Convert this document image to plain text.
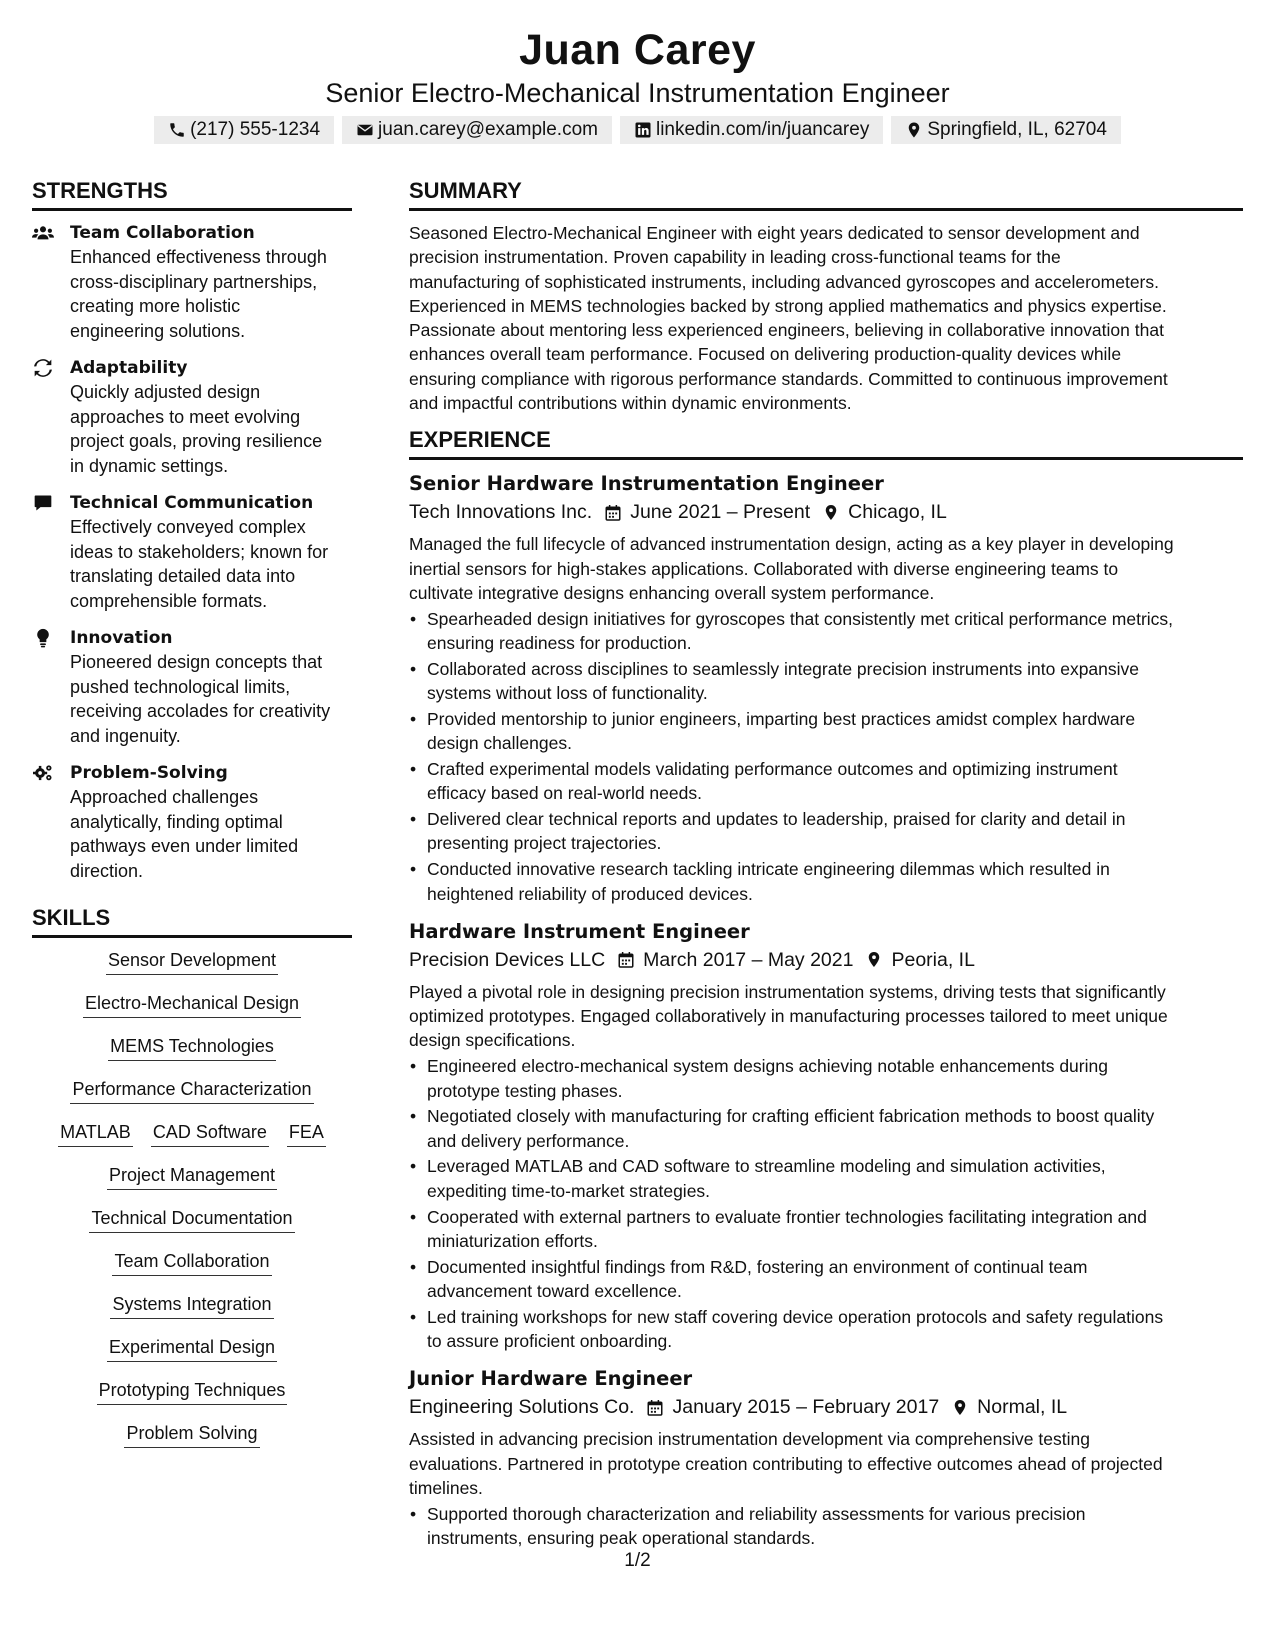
Juan Carey
Senior Electro-Mechanical Instrumentation Engineer
(217) 555-1234	juan.carey@example.com	linkedin.com/in/juancarey	Springfield, IL, 62704
STRENGTHS
Team Collaboration
Enhanced effectiveness through
cross-disciplinary partnerships,
creating more holistic
engineering solutions.
Adaptability
Quickly adjusted design
approaches to meet evolving
project goals, proving resilience
in dynamic settings.
Technical Communication
Effectively conveyed complex
ideas to stakeholders; known for
translating detailed data into
comprehensible formats.
Innovation
Pioneered design concepts that
pushed technological limits,
receiving accolades for creativity
and ingenuity.
Problem-Solving
Approached challenges
analytically, finding optimal
pathways even under limited
direction.
SKILLS
Sensor Development
Electro-Mechanical Design
MEMS Technologies
Performance Characterization
MATLAB CAD Software FEA
Project Management
Technical Documentation
Team Collaboration
Systems Integration
Experimental Design
Prototyping Techniques
Problem Solving
SUMMARY
Seasoned Electro-Mechanical Engineer with eight years dedicated to sensor development and
precision instrumentation. Proven capability in leading cross-functional teams for the
manufacturing of sophisticated instruments, including advanced gyroscopes and accelerometers.
Experienced in MEMS technologies backed by strong applied mathematics and physics expertise.
Passionate about mentoring less experienced engineers, believing in collaborative innovation that
enhances overall team performance. Focused on delivering production-quality devices while
ensuring compliance with rigorous performance standards. Committed to continuous improvement
and impactful contributions within dynamic environments.
EXPERIENCE
Senior Hardware Instrumentation Engineer
Tech Innovations Inc. June 2021 – Present Chicago, IL
Managed the full lifecycle of advanced instrumentation design, acting as a key player in developing
inertial sensors for high-stakes applications. Collaborated with diverse engineering teams to
cultivate integrative designs enhancing overall system performance.
• Spearheaded design initiatives for gyroscopes that consistently met critical performance metrics,
ensuring readiness for production.
• Collaborated across disciplines to seamlessly integrate precision instruments into expansive
systems without loss of functionality.
• Provided mentorship to junior engineers, imparting best practices amidst complex hardware
design challenges.
• Crafted experimental models validating performance outcomes and optimizing instrument
efficacy based on real-world needs.
• Delivered clear technical reports and updates to leadership, praised for clarity and detail in
presenting project trajectories.
• Conducted innovative research tackling intricate engineering dilemmas which resulted in
heightened reliability of produced devices.
Hardware Instrument Engineer
Precision Devices LLC March 2017 – May 2021 Peoria, IL
Played a pivotal role in designing precision instrumentation systems, driving tests that significantly
optimized prototypes. Engaged collaboratively in manufacturing processes tailored to meet unique
design specifications.
• Engineered electro-mechanical system designs achieving notable enhancements during
prototype testing phases.
• Negotiated closely with manufacturing for crafting efficient fabrication methods to boost quality
and delivery performance.
• Leveraged MATLAB and CAD software to streamline modeling and simulation activities,
expediting time-to-market strategies.
• Cooperated with external partners to evaluate frontier technologies facilitating integration and
miniaturization efforts.
• Documented insightful findings from R&D, fostering an environment of continual team
advancement toward excellence.
• Led training workshops for new staff covering device operation protocols and safety regulations
to assure proficient onboarding.
Junior Hardware Engineer
Engineering Solutions Co. January 2015 – February 2017 Normal, IL
Assisted in advancing precision instrumentation development via comprehensive testing
evaluations. Partnered in prototype creation contributing to effective outcomes ahead of projected
timelines.
• Supported thorough characterization and reliability assessments for various precision
instruments, ensuring peak operational standards.
1/2
